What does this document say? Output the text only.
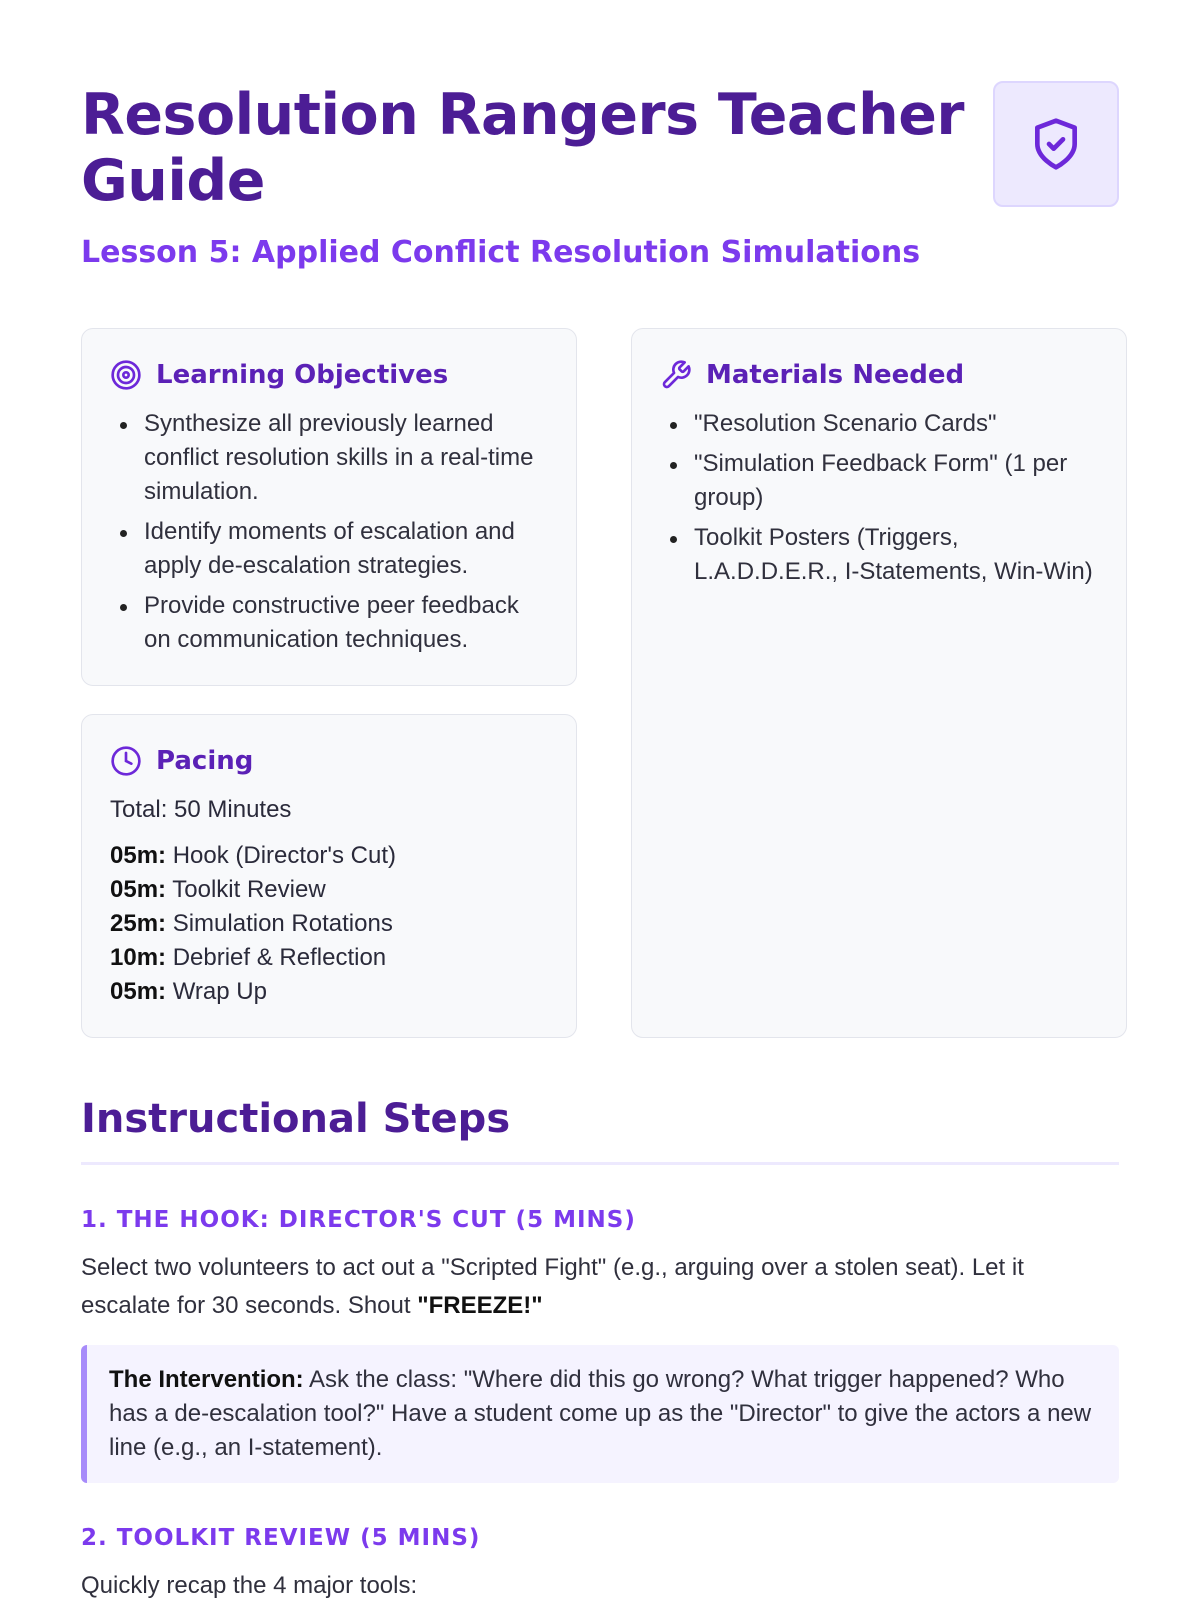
Resolution Rangers Teacher Guide
Lesson 5: Applied Conflict Resolution Simulations
Learning Objectives
Synthesize all previously learned conflict resolution skills in a real-time simulation.
Identify moments of escalation and apply de-escalation strategies.
Provide constructive peer feedback on communication techniques.
Materials Needed
"Resolution Scenario Cards"
"Simulation Feedback Form" (1 per group)
Toolkit Posters (Triggers, L.A.D.D.E.R., I-Statements, Win-Win)
Pacing
Total: 50 Minutes
05m: Hook (Director's Cut)
05m: Toolkit Review
25m: Simulation Rotations
10m: Debrief & Reflection
05m: Wrap Up
Instructional Steps
1. THE HOOK: DIRECTOR'S CUT (5 MINS)

Select two volunteers to act out a "Scripted Fight" (e.g., arguing over a stolen seat). Let it escalate for 30 seconds. Shout "FREEZE!"

The Intervention: Ask the class: "Where did this go wrong? What trigger happened? Who has a de-escalation tool?" Have a student come up as the "Director" to give the actors a new line (e.g., an I-statement).
2. TOOLKIT REVIEW (5 MINS)

Quickly recap the 4 major tools:
